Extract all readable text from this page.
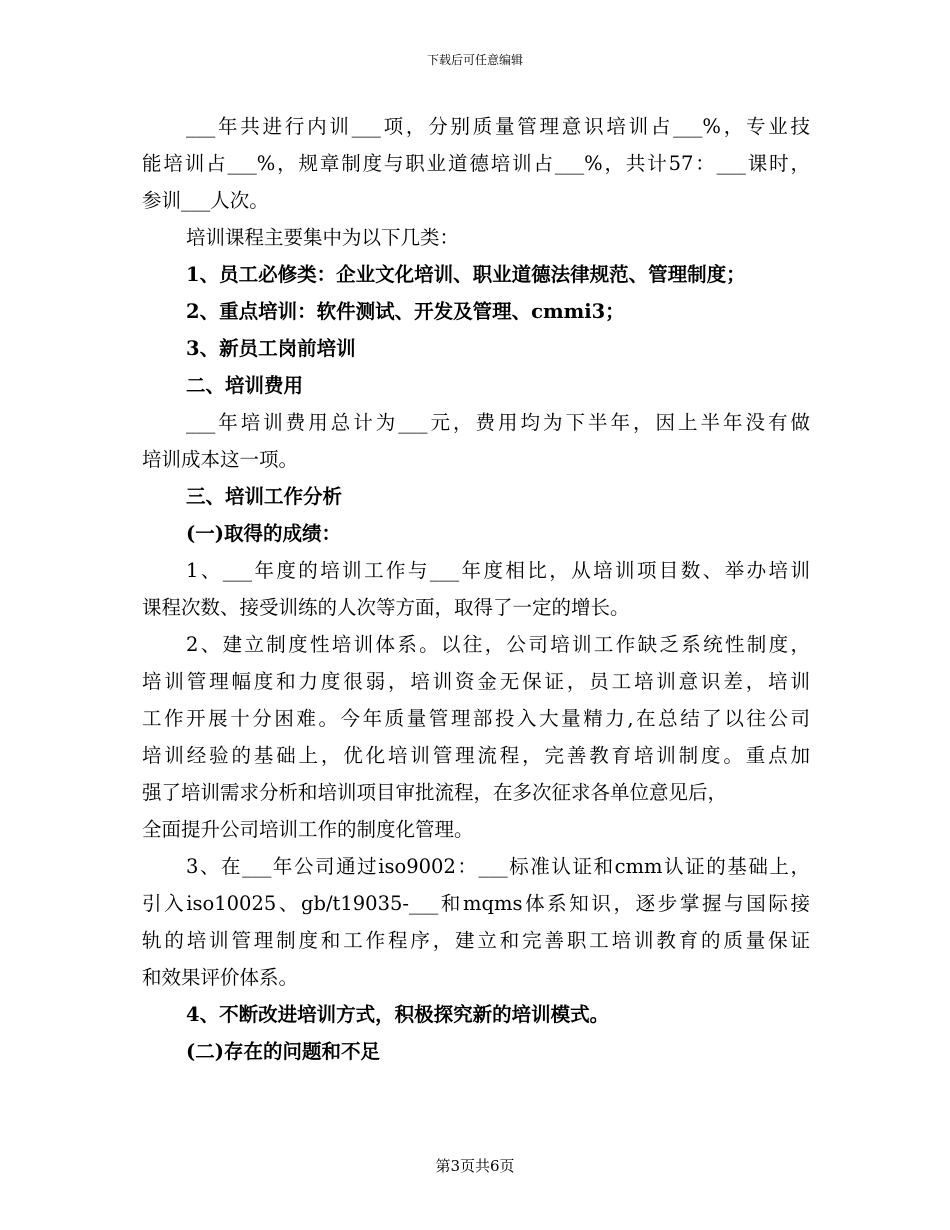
下载后可任意编辑
___年共进行内训___项，分别质量管理意识培训占___%，专业技
能培训占___%，规章制度与职业道德培训占___%，共计57：___课时，
参训___人次。
培训课程主要集中为以下几类：
1、员工必修类：企业文化培训、职业道德法律规范、管理制度；
2、重点培训：软件测试、开发及管理、cmmi3；
3、新员工岗前培训
二、培训费用
___年培训费用总计为___元，费用均为下半年，因上半年没有做
培训成本这一项。
三、培训工作分析
(一)取得的成绩：
1、___年度的培训工作与___年度相比，从培训项目数、举办培训
课程次数、接受训练的人次等方面，取得了一定的增长。
2、建立制度性培训体系。以往，公司培训工作缺乏系统性制度，
培训管理幅度和力度很弱，培训资金无保证，员工培训意识差，培训
工作开展十分困难。今年质量管理部投入大量精力,在总结了以往公司
培训经验的基础上，优化培训管理流程，完善教育培训制度。重点加
强了培训需求分析和培训项目审批流程，在多次征求各单位意见后，
全面提升公司培训工作的制度化管理。
3、在___年公司通过iso9002：___标准认证和cmm认证的基础上，
引入iso10025、gb/t19035-___和mqms体系知识，逐步掌握与国际接
轨的培训管理制度和工作程序，建立和完善职工培训教育的质量保证
和效果评价体系。
4、不断改进培训方式，积极探究新的培训模式。
(二)存在的问题和不足
第3页共6页
